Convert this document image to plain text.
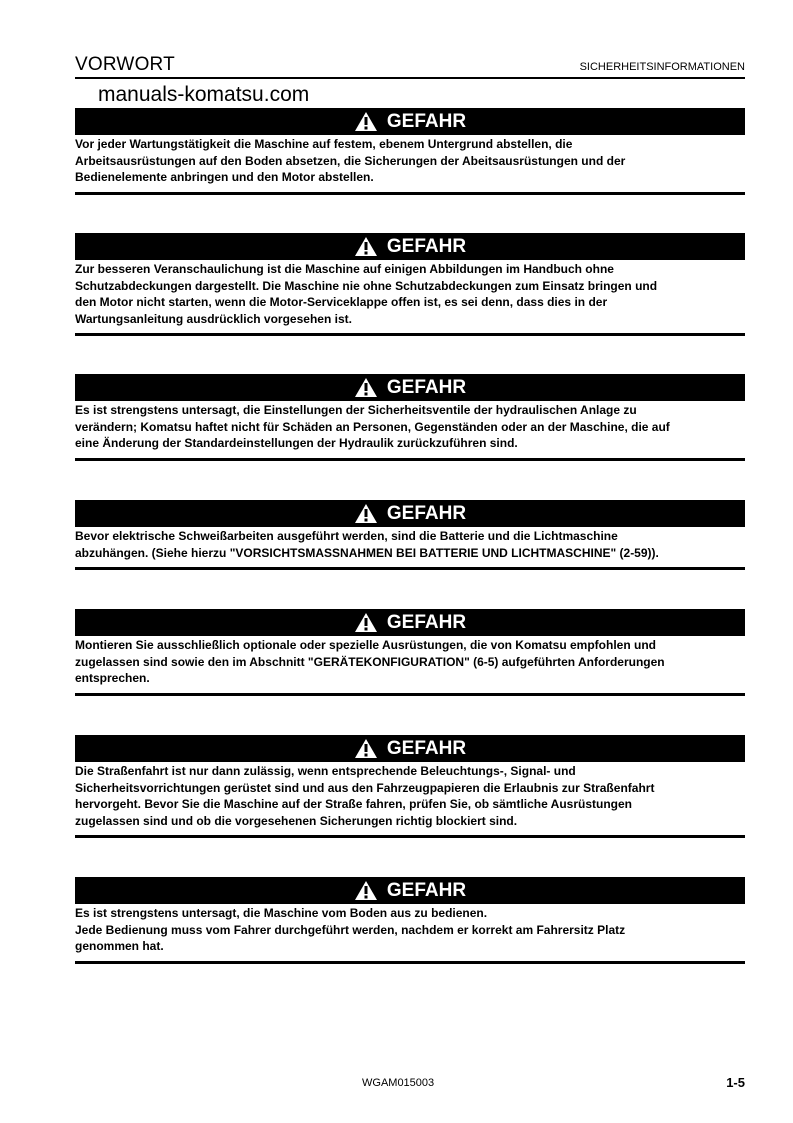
VORWORT	SICHERHEITSINFORMATIONEN
manuals-komatsu.com
GEFAHR
Vor jeder Wartungstätigkeit die Maschine auf festem, ebenem Untergrund abstellen, die
Arbeitsausrüstungen auf den Boden absetzen, die Sicherungen der Abeitsausrüstungen und der
Bedienelemente anbringen und den Motor abstellen.
GEFAHR
Zur besseren Veranschaulichung ist die Maschine auf einigen Abbildungen im Handbuch ohne
Schutzabdeckungen dargestellt. Die Maschine nie ohne Schutzabdeckungen zum Einsatz bringen und
den Motor nicht starten, wenn die Motor-Serviceklappe offen ist, es sei denn, dass dies in der
Wartungsanleitung ausdrücklich vorgesehen ist.
GEFAHR
Es ist strengstens untersagt, die Einstellungen der Sicherheitsventile der hydraulischen Anlage zu
verändern; Komatsu haftet nicht für Schäden an Personen, Gegenständen oder an der Maschine, die auf
eine Änderung der Standardeinstellungen der Hydraulik zurückzuführen sind.
GEFAHR
Bevor elektrische Schweißarbeiten ausgeführt werden, sind die Batterie und die Lichtmaschine
abzuhängen. (Siehe hierzu "VORSICHTSMASSNAHMEN BEI BATTERIE UND LICHTMASCHINE" (2-59)).
GEFAHR
Montieren Sie ausschließlich optionale oder spezielle Ausrüstungen, die von Komatsu empfohlen und
zugelassen sind sowie den im Abschnitt "GERÄTEKONFIGURATION" (6-5) aufgeführten Anforderungen
entsprechen.
GEFAHR
Die Straßenfahrt ist nur dann zulässig, wenn entsprechende Beleuchtungs-, Signal- und
Sicherheitsvorrichtungen gerüstet sind und aus den Fahrzeugpapieren die Erlaubnis zur Straßenfahrt
hervorgeht. Bevor Sie die Maschine auf der Straße fahren, prüfen Sie, ob sämtliche Ausrüstungen
zugelassen sind und ob die vorgesehenen Sicherungen richtig blockiert sind.
GEFAHR
Es ist strengstens untersagt, die Maschine vom Boden aus zu bedienen.
Jede Bedienung muss vom Fahrer durchgeführt werden, nachdem er korrekt am Fahrersitz Platz
genommen hat.
WGAM015003	1-5
